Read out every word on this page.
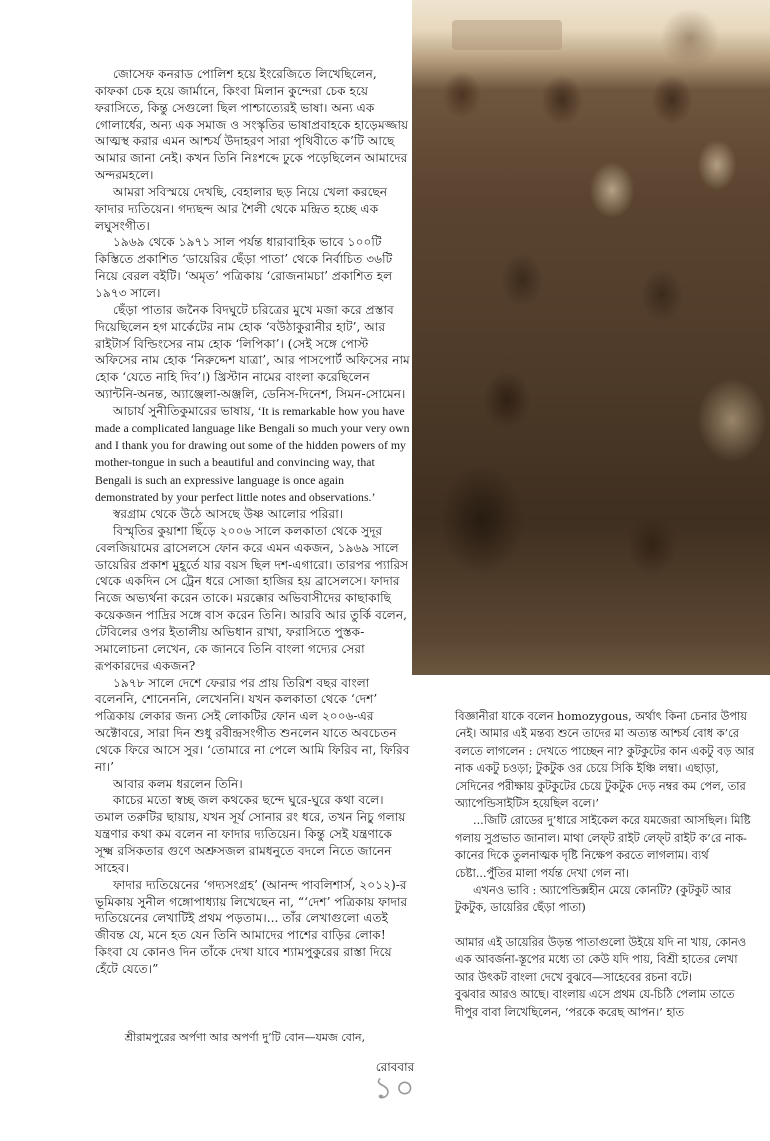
জোসেফ কনরাড পোলিশ হয়ে ইংরেজিতে লিখেছিলেন, কাফকা চেক হয়ে জার্মানে, কিংবা মিলান কুন্দেরা চেক হয়ে ফরাসিতে, কিন্তু সেগুলো ছিল পাশ্চাত্যেরই ভাষা। অন্য এক গোলার্ধের, অন্য এক সমাজ ও সংস্কৃতির ভাষাপ্রবাহকে হাড়েমজ্জায় আত্মস্থ করার এমন আশ্চর্য উদাহরণ সারা পৃথিবীতে ক’টি আছে আমার জানা নেই। কখন তিনি নিঃশব্দে ঢুকে পড়েছিলেন আমাদের অন্দরমহলে।

আমরা সবিস্ময়ে দেখছি, বেহালার ছড় নিয়ে খেলা করছেন ফাদার দ্যতিয়েন। গদ্যছন্দ আর শৈলী থেকে মন্দ্রিত হচ্ছে এক লঘুসংগীত।

১৯৬৯ থেকে ১৯৭১ সাল পর্যন্ত ধারাবাহিক ভাবে ১০০টি কিস্তিতে প্রকাশিত ‘ডায়েরির ছেঁড়া পাতা’ থেকে নির্বাচিত ৩৬টি নিয়ে বেরল বইটি। ‘অমৃত’ পত্রিকায় ‘রোজনামচা’ প্রকাশিত হল ১৯৭৩ সালে।

ছেঁড়া পাতার জনৈক বিদঘুটে চরিত্রের মুখে মজা করে প্রস্তাব দিয়েছিলেন হগ মার্কেটের নাম হোক ‘বউঠাকুরানীর হাট’, আর রাইটার্স বিল্ডিংসের নাম হোক ‘লিপিকা’। (সেই সঙ্গে পোস্ট অফিসের নাম হোক ‘নিরুদ্দেশ যাত্রা’, আর পাসপোর্ট অফিসের নাম হোক ‘যেতে নাহি দিব’।) খ্রিস্টান নামের বাংলা করেছিলেন অ্যান্টনি-অনন্ত, অ্যাঞ্জেলা-অঞ্জলি, ডেনিস-দিনেশ, সিমন-সোমেন।

আচার্য সুনীতিকুমারের ভাষায়, ‘It is remarkable how you have made a complicated language like Bengali so much your very own and I thank you for drawing out some of the hidden powers of my mother-tongue in such a beautiful and convincing way, that Bengali is such an expressive language is once again demonstrated by your perfect little notes and observations.’

স্বরগ্রাম থেকে উঠে আসছে উষ্ণ আলোর পরিরা।

বিস্মৃতির কুয়াশা ছিঁড়ে ২০০৬ সালে কলকাতা থেকে সুদূর বেলজিয়ামের ব্রাসেলসে ফোন করে এমন একজন, ১৯৬৯ সালে ডায়েরির প্রকাশ মুহূর্তে যার বয়স ছিল দশ-এগারো। তারপর প্যারিস থেকে একদিন সে ট্রেন ধরে সোজা হাজির হয় ব্রাসেলসে। ফাদার নিজে অভ্যর্থনা করেন তাকে। মরক্কোর অভিবাসীদের কাছাকাছি কয়েকজন পাদ্রির সঙ্গে বাস করেন তিনি। আরবি আর তুর্কি বলেন, টেবিলের ওপর ইতালীয় অভিধান রাখা, ফরাসিতে পুস্তক-সমালোচনা লেখেন, কে জানবে তিনি বাংলা গদ্যের সেরা রূপকারদের একজন?

১৯৭৮ সালে দেশে ফেরার পর প্রায় তিরিশ বছর বাংলা বলেননি, শোনেননি, লেখেননি। যখন কলকাতা থেকে ‘দেশ’ পত্রিকায় লেকার জন্য সেই লোকটির ফোন এল ২০০৬-এর অক্টোবরে, সারা দিন শুধু রবীন্দ্রসংগীত শুনলেন যাতে অবচেতন থেকে ফিরে আসে সুর। ‘তোমারে না পেলে আমি ফিরিব না, ফিরিব না।’

আবার কলম ধরলেন তিনি।

কাচের মতো স্বচ্ছ জল কথকের ছন্দে ঘুরে-ঘুরে কথা বলে। তমাল তরুটির ছায়ায়, যখন সূর্য সোনার রং ধরে, তখন নিচু গলায় যন্ত্রণার কথা কম বলেন না ফাদার দ্যতিয়েন। কিন্তু সেই যন্ত্রণাকে সূক্ষ্ম রসিকতার গুণে অশ্রুসজল রামধনুতে বদলে নিতে জানেন সাহেব।

ফাদার দ্যতিয়েনের ‘গদ্যসংগ্রহ’ (আনন্দ পাবলিশার্স, ২০১২)-র ভূমিকায় সুনীল গঙ্গোপাধ্যায় লিখেছেন না, “‘দেশ’ পত্রিকায় ফাদার দ্যতিয়েনের লেখাটিই প্রথম পড়তাম।... তাঁর লেখাগুলো এতই জীবন্ত যে, মনে হত যেন তিনি আমাদের পাশের বাড়ির লোক! কিংবা যে কোনও দিন তাঁকে দেখা যাবে শ্যামপুকুরের রাস্তা দিয়ে হেঁটে যেতে।”

শ্রীরামপুরের অর্পণা আর অপর্ণা দু’টি বোন—যমজ বোন,

বিজ্ঞানীরা যাকে বলেন homozygous, অর্থাৎ কিনা চেনার উপায় নেই। আমার এই মন্তব্য শুনে তাদের মা অত্যন্ত আশ্চর্য বোধ ক’রে বলতে লাগলেন : দেখতে পাচ্ছেন না? কুটকুটের কান একটু বড় আর নাক একটু চওড়া; টুকটুক ওর চেয়ে সিকি ইঞ্চি লম্বা। এছাড়া, সেদিনের পরীক্ষায় কুটকুটের চেয়ে টুকটুক দেড় নম্বর কম পেল, তার অ্যাপেন্ডিসাইটিস হয়েছিল বলে।’

...জিটি রোডের দু’ধারে সাইকেল করে যমজেরা আসছিল। মিষ্টি গলায় সুপ্রভাত জানাল। মাথা লেফ্‌ট রাইট লেফ্‌ট রাইট ক’রে নাক-কানের দিকে তুলনাত্মক দৃষ্টি নিক্ষেপ করতে লাগলাম। ব্যর্থ চেষ্টা...পুঁতির মালা পর্যন্ত দেখা গেল না।

এখনও ভাবি : অ্যাপেন্ডিক্সহীন মেয়ে কোনটি? (কুটকুট আর টুকটুক, ডায়েরির ছেঁড়া পাতা)

আমার এই ডায়েরির উড়ন্ত পাতাগুলো উইয়ে যদি না খায়, কোনও এক আবর্জনা-স্তূপের মধ্যে তা কেউ যদি পায়, বিশ্রী হাতের লেখা আর উৎকট বাংলা দেখে বুঝবে—সাহেবের রচনা বটে।

বুঝবার আরও আছে। বাংলায় এসে প্রথম যে-চিঠি পেলাম তাতে দীপুর বাবা লিখেছিলেন, ‘পরকে করেছ আপন।’ হাত

রোববার
১০
